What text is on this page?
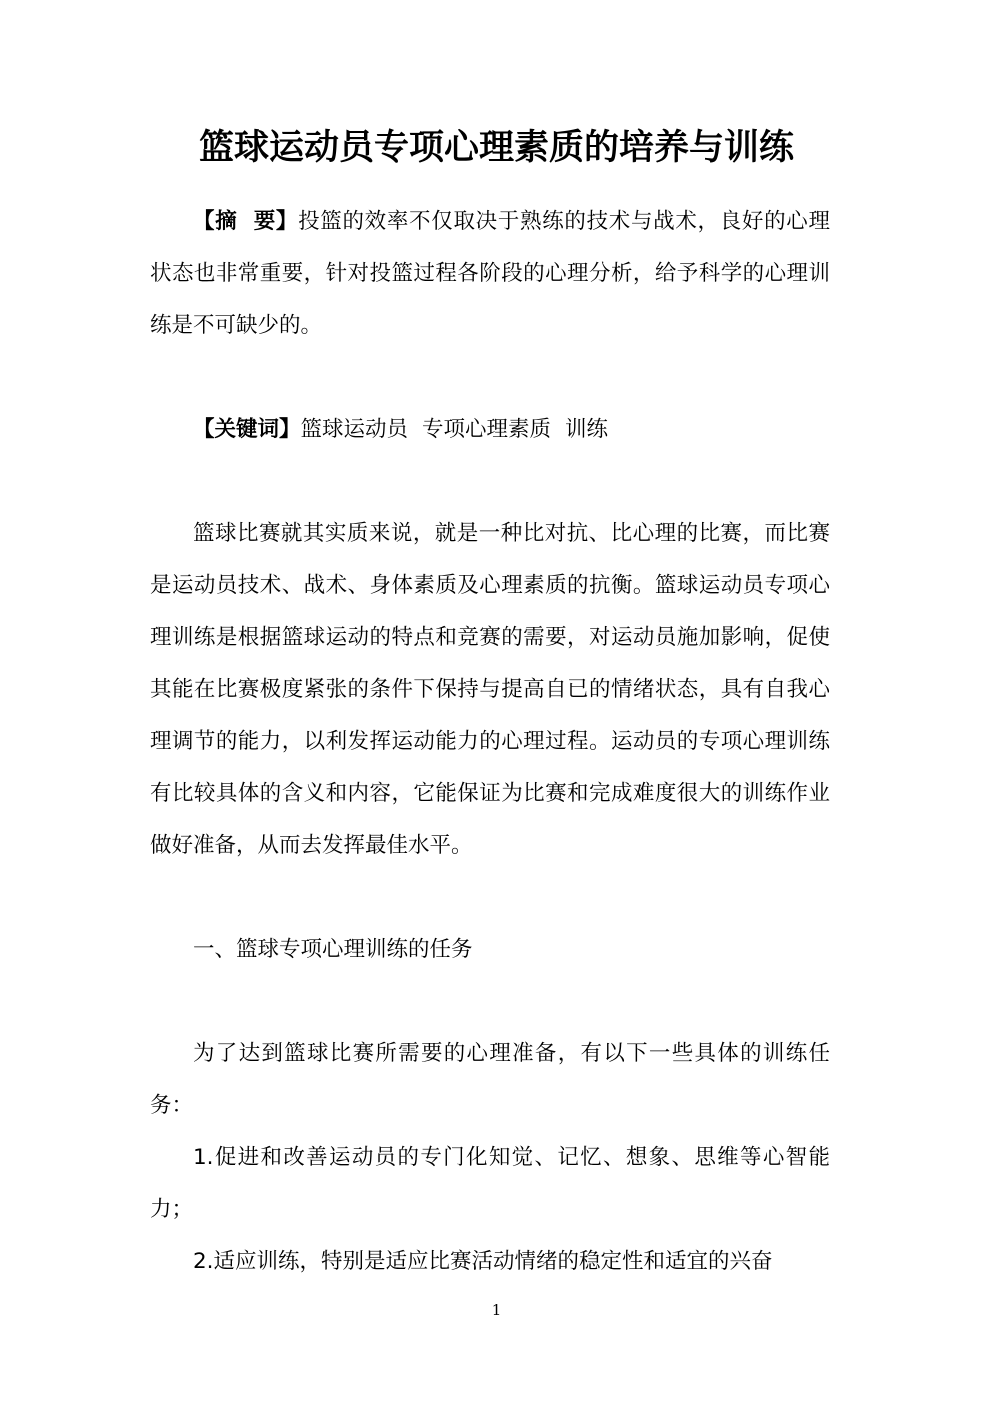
篮球运动员专项心理素质的培养与训练

【摘  要】投篮的效率不仅取决于熟练的技术与战术，良好的心理状态也非常重要，针对投篮过程各阶段的心理分析，给予科学的心理训练是不可缺少的。

【关键词】篮球运动员 专项心理素质 训练

篮球比赛就其实质来说，就是一种比对抗、比心理的比赛，而比赛是运动员技术、战术、身体素质及心理素质的抗衡。篮球运动员专项心理训练是根据篮球运动的特点和竞赛的需要，对运动员施加影响，促使其能在比赛极度紧张的条件下保持与提高自已的情绪状态，具有自我心理调节的能力，以利发挥运动能力的心理过程。运动员的专项心理训练有比较具体的含义和内容，它能保证为比赛和完成难度很大的训练作业做好准备，从而去发挥最佳水平。

一、篮球专项心理训练的任务

为了达到篮球比赛所需要的心理准备，有以下一些具体的训练任务：

1.促进和改善运动员的专门化知觉、记忆、想象、思维等心智能力；

2.适应训练，特别是适应比赛活动情绪的稳定性和适宜的兴奋

1
